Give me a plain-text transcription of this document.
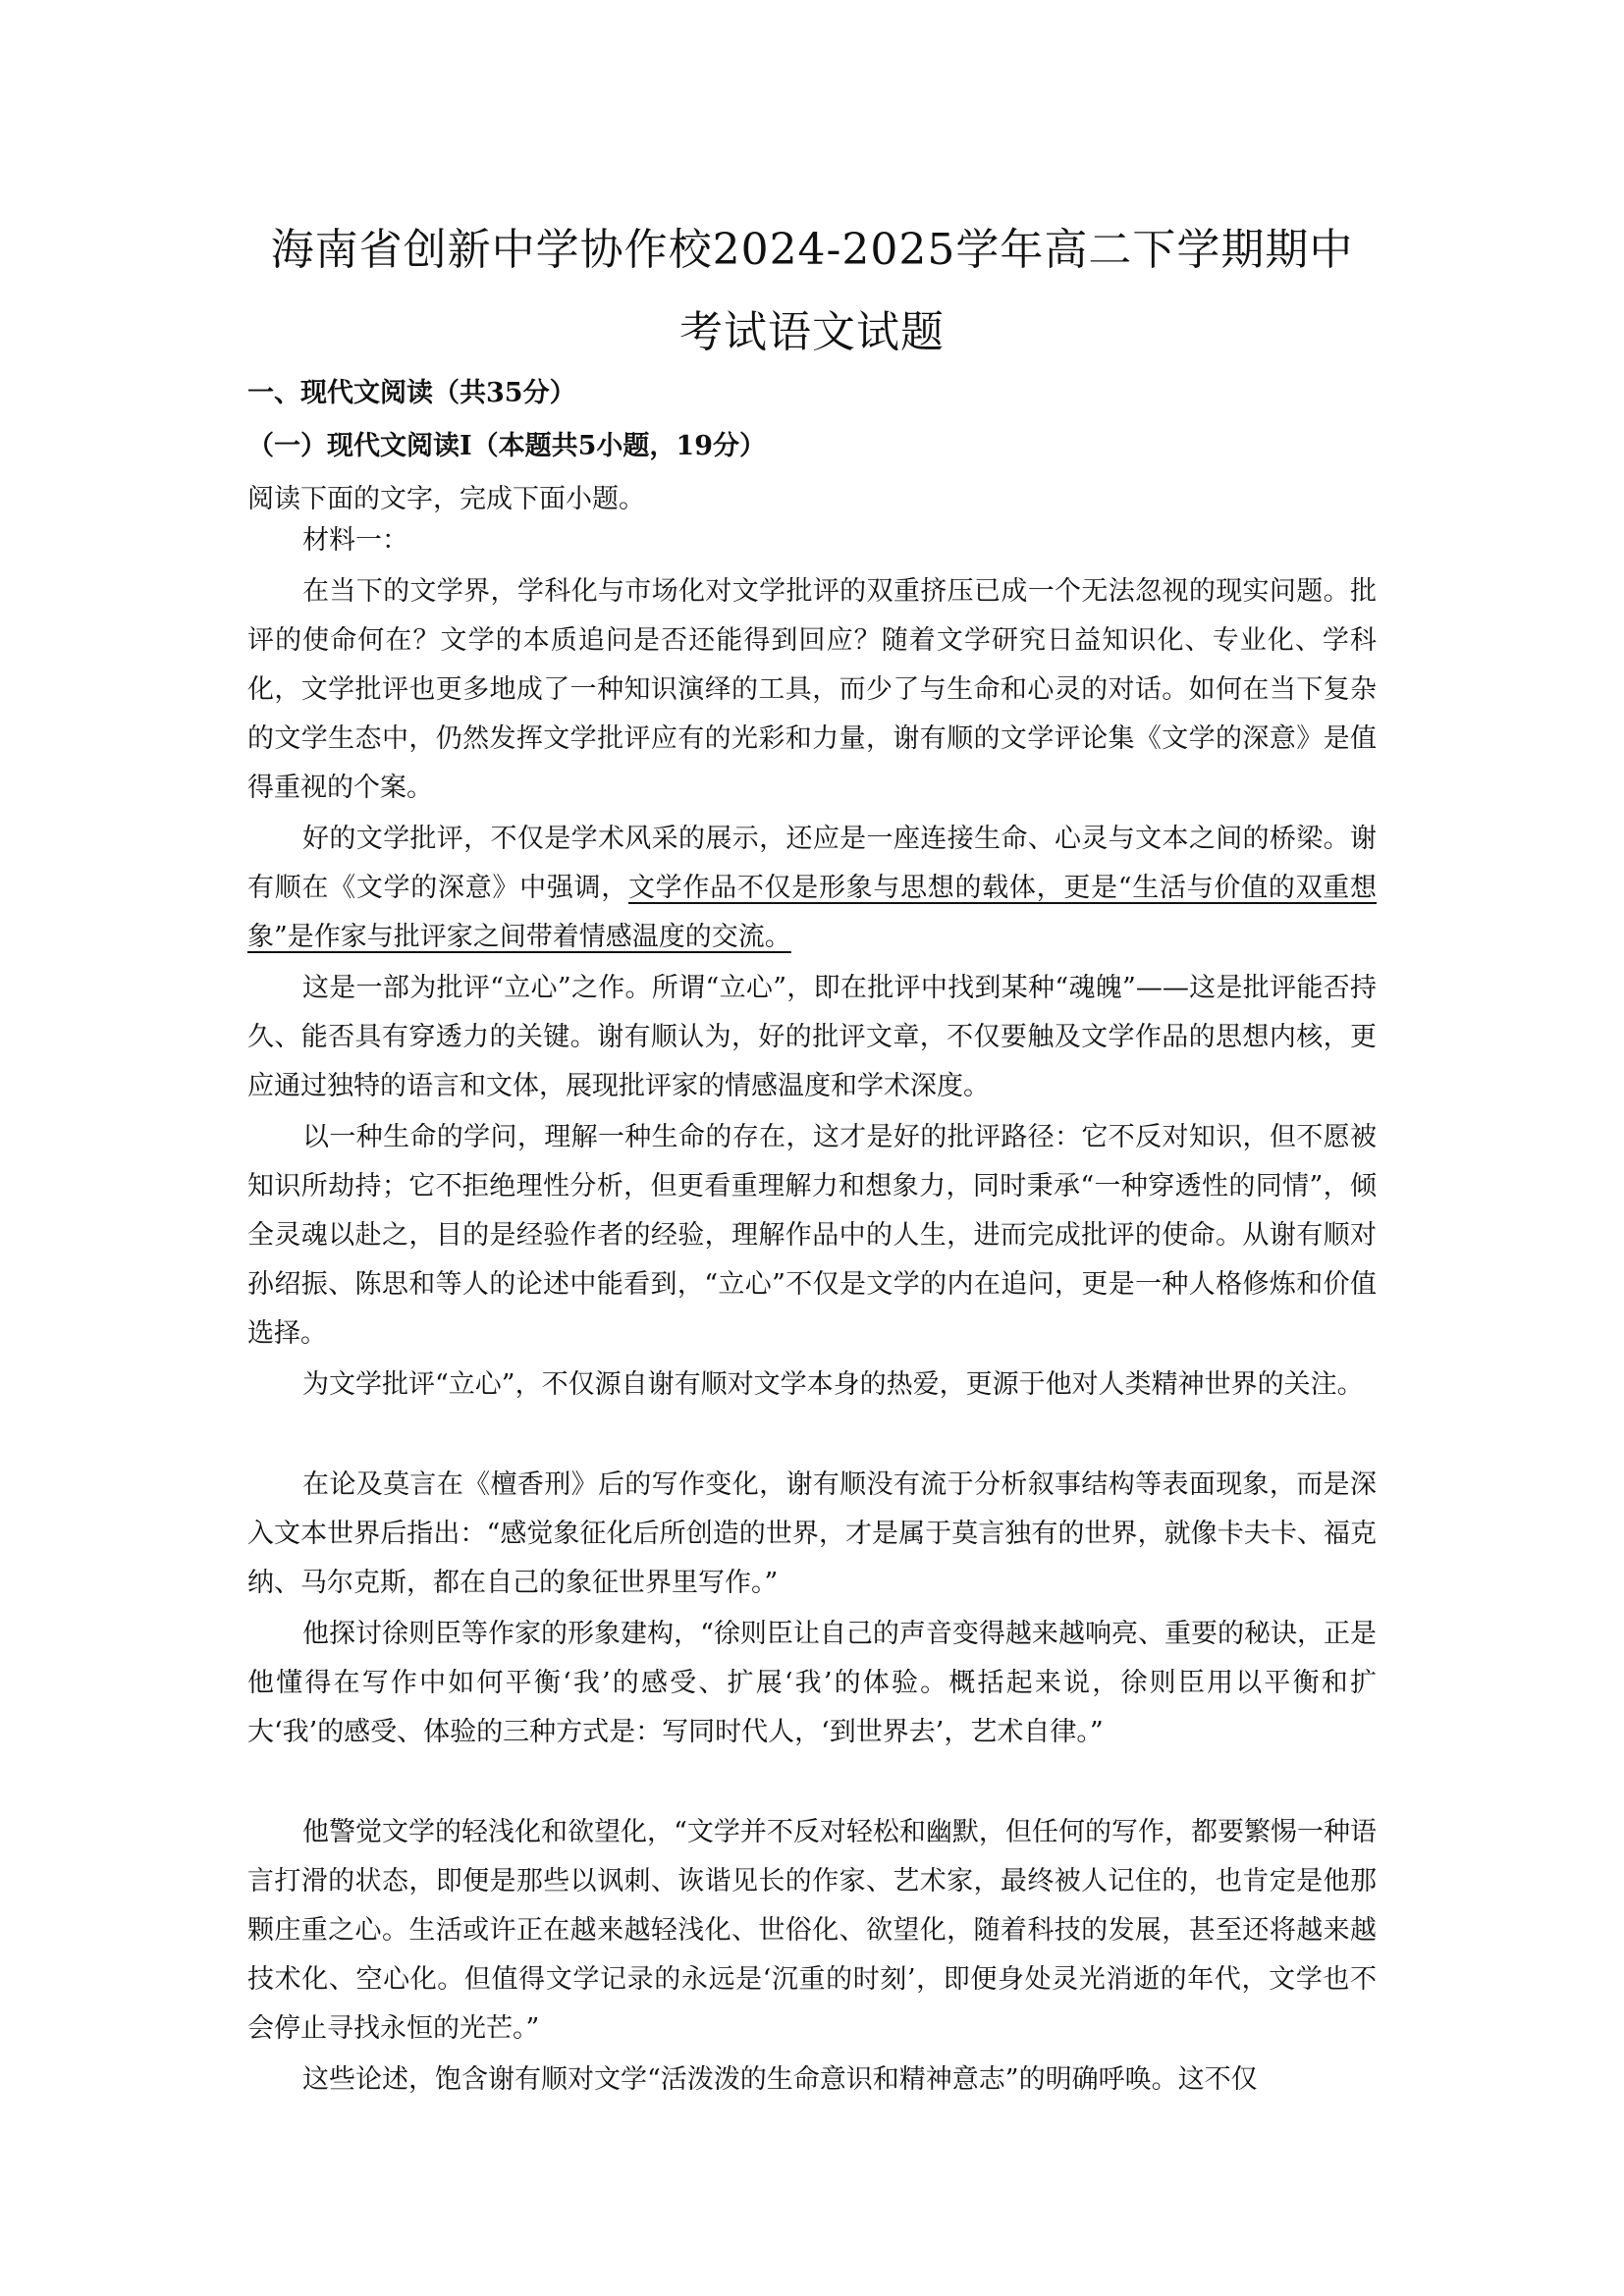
海南省创新中学协作校2024-2025学年高二下学期期中
考试语文试题
一、现代文阅读（共35分）
（一）现代文阅读I（本题共5小题，19分）
阅读下面的文字，完成下面小题。

材料一：

在当下的文学界，学科化与市场化对文学批评的双重挤压已成一个无法忽视的现实问题。批评的使命何在？文学的本质追问是否还能得到回应？随着文学研究日益知识化、专业化、学科化，文学批评也更多地成了一种知识演绎的工具，而少了与生命和心灵的对话。如何在当下复杂的文学生态中，仍然发挥文学批评应有的光彩和力量，谢有顺的文学评论集《文学的深意》是值得重视的个案。

好的文学批评，不仅是学术风采的展示，还应是一座连接生命、心灵与文本之间的桥梁。谢有顺在《文学的深意》中强调，文学作品不仅是形象与思想的载体，更是“生活与价值的双重想象”是作家与批评家之间带着情感温度的交流。

这是一部为批评“立心”之作。所谓“立心”，即在批评中找到某种“魂魄”——这是批评能否持久、能否具有穿透力的关键。谢有顺认为，好的批评文章，不仅要触及文学作品的思想内核，更应通过独特的语言和文体，展现批评家的情感温度和学术深度。

以一种生命的学问，理解一种生命的存在，这才是好的批评路径：它不反对知识，但不愿被知识所劫持；它不拒绝理性分析，但更看重理解力和想象力，同时秉承“一种穿透性的同情”，倾全灵魂以赴之，目的是经验作者的经验，理解作品中的人生，进而完成批评的使命。从谢有顺对孙绍振、陈思和等人的论述中能看到，“立心”不仅是文学的内在追问，更是一种人格修炼和价值选择。

为文学批评“立心”，不仅源自谢有顺对文学本身的热爱，更源于他对人类精神世界的关注。

在论及莫言在《檀香刑》后的写作变化，谢有顺没有流于分析叙事结构等表面现象，而是深入文本世界后指出：“感觉象征化后所创造的世界，才是属于莫言独有的世界，就像卡夫卡、福克纳、马尔克斯，都在自己的象征世界里写作。”

他探讨徐则臣等作家的形象建构，“徐则臣让自己的声音变得越来越响亮、重要的秘诀，正是他懂得在写作中如何平衡‘我’的感受、扩展‘我’的体验。概括起来说，徐则臣用以平衡和扩大‘我’的感受、体验的三种方式是：写同时代人，‘到世界去’，艺术自律。”

他警觉文学的轻浅化和欲望化，“文学并不反对轻松和幽默，但任何的写作，都要繁惕一种语言打滑的状态，即便是那些以讽刺、诙谐见长的作家、艺术家，最终被人记住的，也肯定是他那颗庄重之心。生活或许正在越来越轻浅化、世俗化、欲望化，随着科技的发展，甚至还将越来越技术化、空心化。但值得文学记录的永远是‘沉重的时刻’，即便身处灵光消逝的年代，文学也不会停止寻找永恒的光芒。”

这些论述，饱含谢有顺对文学“活泼泼的生命意识和精神意志”的明确呼唤。这不仅
